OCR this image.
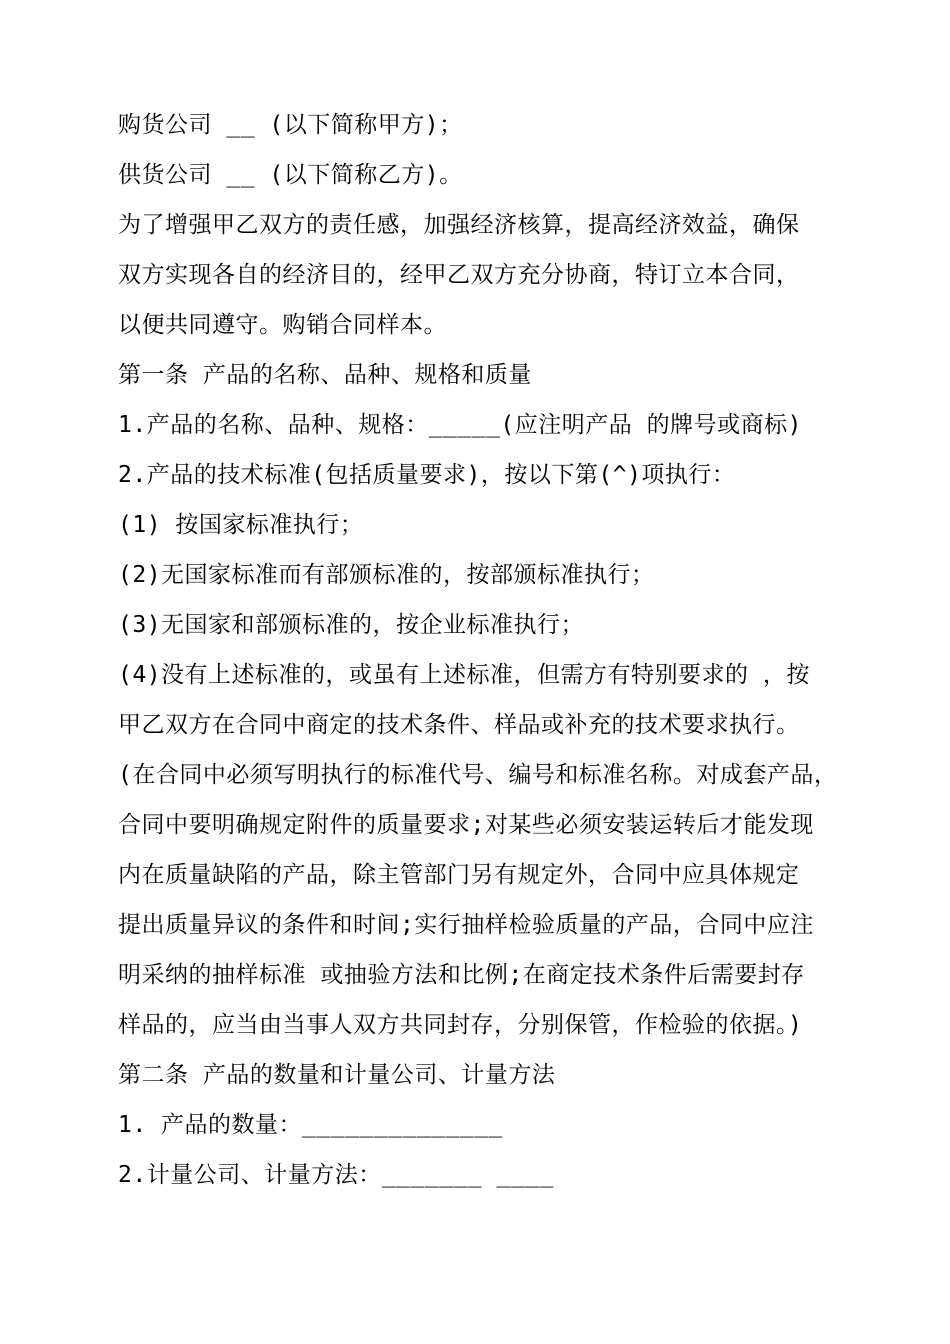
购货公司 __ (以下简称甲方)；
供货公司 __ (以下简称乙方)。
为了增强甲乙双方的责任感，加强经济核算，提高经济效益，确保
双方实现各自的经济目的，经甲乙双方充分协商，特订立本合同，
以便共同遵守。购销合同样本。
第一条 产品的名称、品种、规格和质量
1.产品的名称、品种、规格：_____(应注明产品 的牌号或商标)
2.产品的技术标准(包括质量要求)，按以下第(^)项执行：
(1) 按国家标准执行；
(2)无国家标准而有部颁标准的，按部颁标准执行；
(3)无国家和部颁标准的，按企业标准执行；
(4)没有上述标准的，或虽有上述标准，但需方有特别要求的 ，按
甲乙双方在合同中商定的技术条件、样品或补充的技术要求执行。
(在合同中必须写明执行的标准代号、编号和标准名称。对成套产品，
合同中要明确规定附件的质量要求;对某些必须安装运转后才能发现
内在质量缺陷的产品，除主管部门另有规定外，合同中应具体规定
提出质量异议的条件和时间;实行抽样检验质量的产品，合同中应注
明采纳的抽样标准 或抽验方法和比例;在商定技术条件后需要封存
样品的，应当由当事人双方共同封存，分别保管，作检验的依据。)
第二条 产品的数量和计量公司、计量方法
1. 产品的数量：______________
2.计量公司、计量方法：_______ ____
